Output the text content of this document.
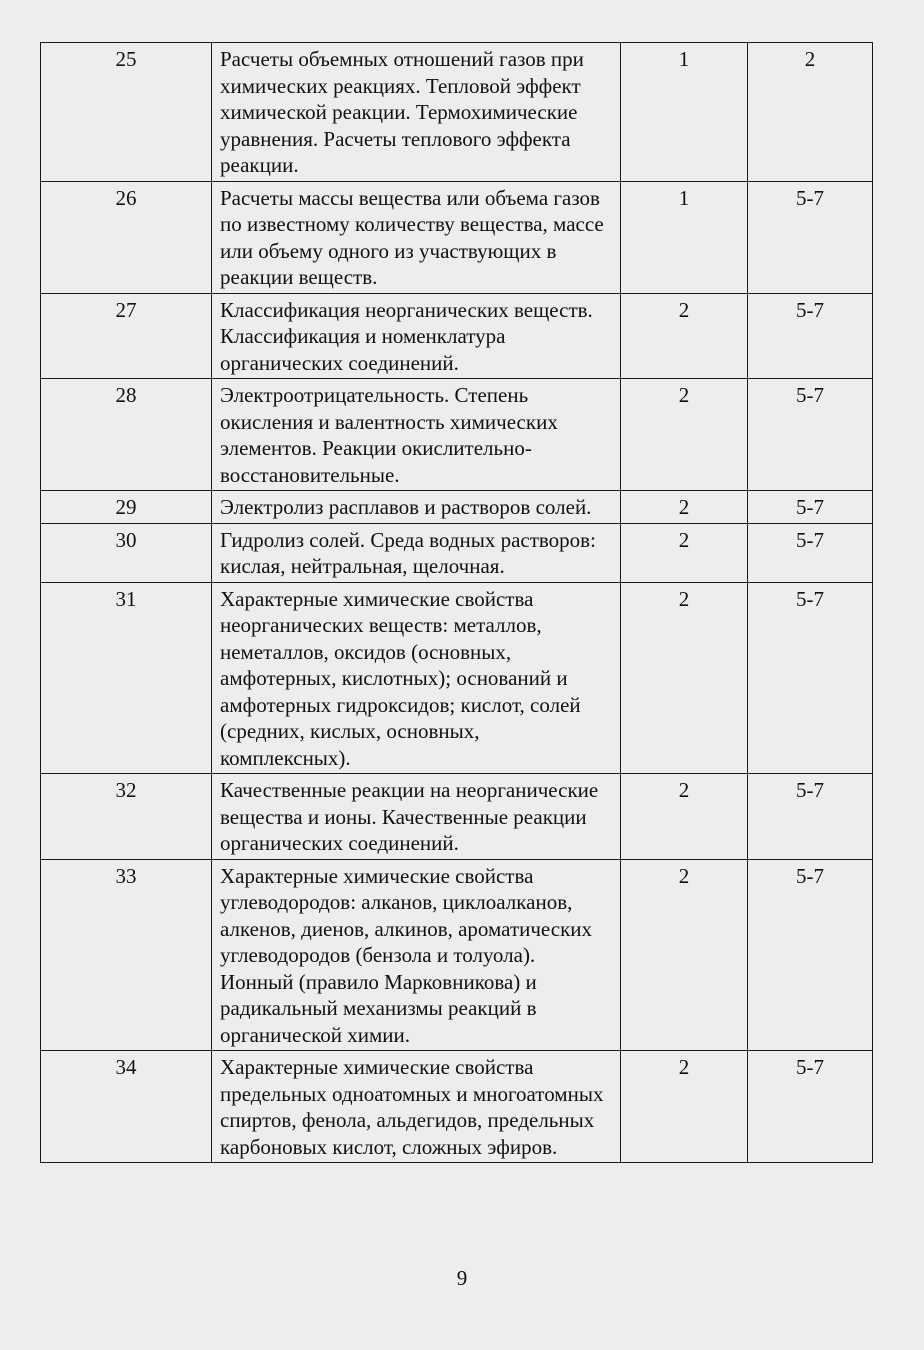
25	Расчеты объемных отношений газов при химических реакциях. Тепловой эффект химической реакции. Термохимические уравнения. Расчеты теплового эффекта реакции.	1	2
26	Расчеты массы вещества или объема газов по известному количеству вещества, массе или объему одного из участвующих в реакции веществ.	1	5-7
27	Классификация неорганических веществ. Классификация и номенклатура органических соединений.	2	5-7
28	Электроотрицательность. Степень окисления и валентность химических элементов. Реакции окислительно-восстановительные.	2	5-7
29	Электролиз расплавов и растворов солей.	2	5-7
30	Гидролиз солей. Среда водных растворов: кислая, нейтральная, щелочная.	2	5-7
31	Характерные химические свойства неорганических веществ: металлов, неметаллов, оксидов (основных, амфотерных, кислотных); оснований и амфотерных гидроксидов; кислот, солей (средних, кислых, основных, комплексных).	2	5-7
32	Качественные реакции на неорганические вещества и ионы. Качественные реакции органических соединений.	2	5-7
33	Характерные химические свойства углеводородов: алканов, циклоалканов, алкенов, диенов, алкинов, ароматических углеводородов (бензола и толуола). Ионный (правило Марковникова) и радикальный механизмы реакций в органической химии.	2	5-7
34	Характерные химические свойства предельных одноатомных и многоатомных спиртов, фенола, альдегидов, предельных карбоновых кислот, сложных эфиров.	2	5-7
9
